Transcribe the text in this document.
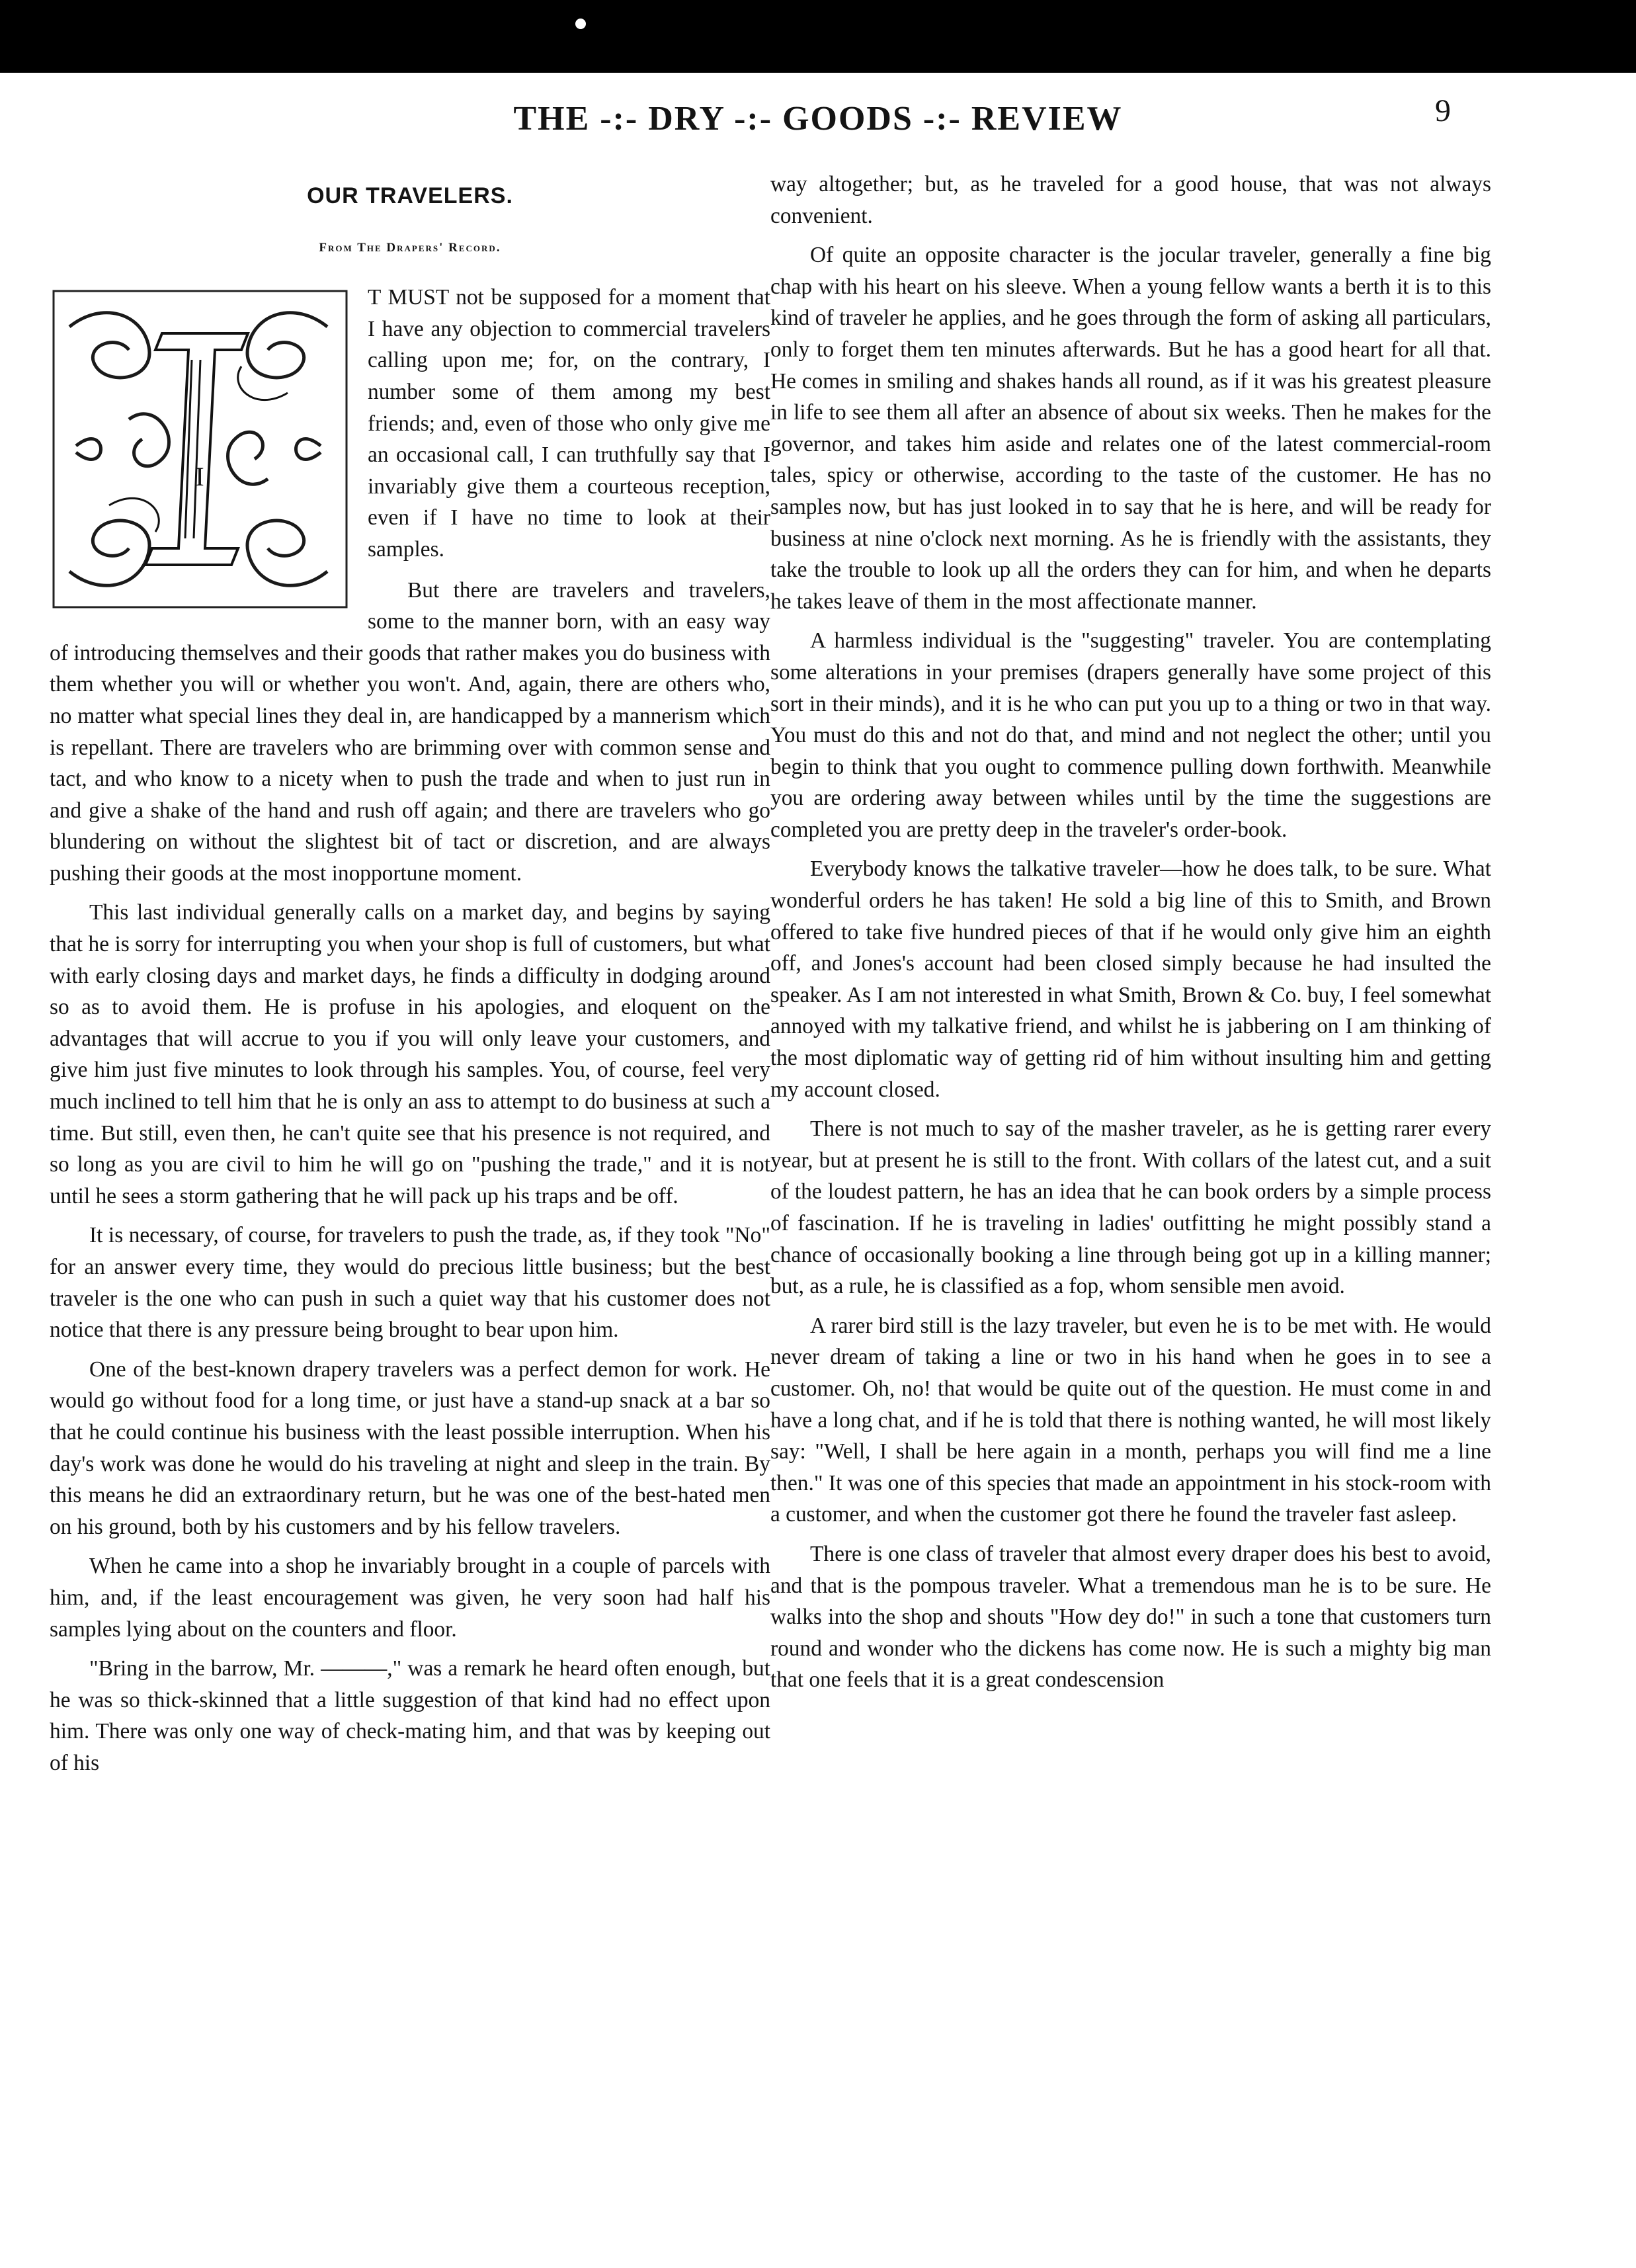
THE -:- DRY -:- GOODS -:- REVIEW	9
OUR TRAVELERS.
From The Drapers' Record.
I

T MUST not be supposed for a moment that I have any objection to commercial travelers calling upon me; for, on the contrary, I number some of them among my best friends; and, even of those who only give me an occasional call, I can truthfully say that I invariably give them a courteous reception, even if I have no time to look at their samples.

But there are travelers and travelers, some to the manner born, with an easy way of introducing themselves and their goods that rather makes you do business with them whether you will or whether you won't. And, again, there are others who, no matter what special lines they deal in, are handicapped by a mannerism which is repellant. There are travelers who are brimming over with common sense and tact, and who know to a nicety when to push the trade and when to just run in and give a shake of the hand and rush off again; and there are travelers who go blundering on without the slightest bit of tact or discretion, and are always pushing their goods at the most inopportune moment.

This last individual generally calls on a market day, and begins by saying that he is sorry for interrupting you when your shop is full of customers, but what with early closing days and market days, he finds a difficulty in dodging around so as to avoid them. He is profuse in his apologies, and eloquent on the advantages that will accrue to you if you will only leave your customers, and give him just five minutes to look through his samples. You, of course, feel very much inclined to tell him that he is only an ass to attempt to do business at such a time. But still, even then, he can't quite see that his presence is not required, and so long as you are civil to him he will go on "pushing the trade," and it is not until he sees a storm gathering that he will pack up his traps and be off.

It is necessary, of course, for travelers to push the trade, as, if they took "No" for an answer every time, they would do precious little business; but the best traveler is the one who can push in such a quiet way that his customer does not notice that there is any pressure being brought to bear upon him.

One of the best-known drapery travelers was a perfect demon for work. He would go without food for a long time, or just have a stand-up snack at a bar so that he could continue his business with the least possible interruption. When his day's work was done he would do his traveling at night and sleep in the train. By this means he did an extraordinary return, but he was one of the best-hated men on his ground, both by his customers and by his fellow travelers.

When he came into a shop he invariably brought in a couple of parcels with him, and, if the least encouragement was given, he very soon had half his samples lying about on the counters and floor.

"Bring in the barrow, Mr. ———," was a remark he heard often enough, but he was so thick-skinned that a little suggestion of that kind had no effect upon him. There was only one way of check-mating him, and that was by keeping out of his

way altogether; but, as he traveled for a good house, that was not always convenient.

Of quite an opposite character is the jocular traveler, generally a fine big chap with his heart on his sleeve. When a young fellow wants a berth it is to this kind of traveler he applies, and he goes through the form of asking all particulars, only to forget them ten minutes afterwards. But he has a good heart for all that. He comes in smiling and shakes hands all round, as if it was his greatest pleasure in life to see them all after an absence of about six weeks. Then he makes for the governor, and takes him aside and relates one of the latest commercial-room tales, spicy or otherwise, according to the taste of the customer. He has no samples now, but has just looked in to say that he is here, and will be ready for business at nine o'clock next morning. As he is friendly with the assistants, they take the trouble to look up all the orders they can for him, and when he departs he takes leave of them in the most affectionate manner.

A harmless individual is the "suggesting" traveler. You are contemplating some alterations in your premises (drapers generally have some project of this sort in their minds), and it is he who can put you up to a thing or two in that way. You must do this and not do that, and mind and not neglect the other; until you begin to think that you ought to commence pulling down forthwith. Meanwhile you are ordering away between whiles until by the time the suggestions are completed you are pretty deep in the traveler's order-book.

Everybody knows the talkative traveler—how he does talk, to be sure. What wonderful orders he has taken! He sold a big line of this to Smith, and Brown offered to take five hundred pieces of that if he would only give him an eighth off, and Jones's account had been closed simply because he had insulted the speaker. As I am not interested in what Smith, Brown & Co. buy, I feel somewhat annoyed with my talkative friend, and whilst he is jabbering on I am thinking of the most diplomatic way of getting rid of him without insulting him and getting my account closed.

There is not much to say of the masher traveler, as he is getting rarer every year, but at present he is still to the front. With collars of the latest cut, and a suit of the loudest pattern, he has an idea that he can book orders by a simple process of fascination. If he is traveling in ladies' outfitting he might possibly stand a chance of occasionally booking a line through being got up in a killing manner; but, as a rule, he is classified as a fop, whom sensible men avoid.

A rarer bird still is the lazy traveler, but even he is to be met with. He would never dream of taking a line or two in his hand when he goes in to see a customer. Oh, no! that would be quite out of the question. He must come in and have a long chat, and if he is told that there is nothing wanted, he will most likely say: "Well, I shall be here again in a month, perhaps you will find me a line then." It was one of this species that made an appointment in his stock-room with a customer, and when the customer got there he found the traveler fast asleep.

There is one class of traveler that almost every draper does his best to avoid, and that is the pompous traveler. What a tremendous man he is to be sure. He walks into the shop and shouts "How dey do!" in such a tone that customers turn round and wonder who the dickens has come now. He is such a mighty big man that one feels that it is a great condescension
